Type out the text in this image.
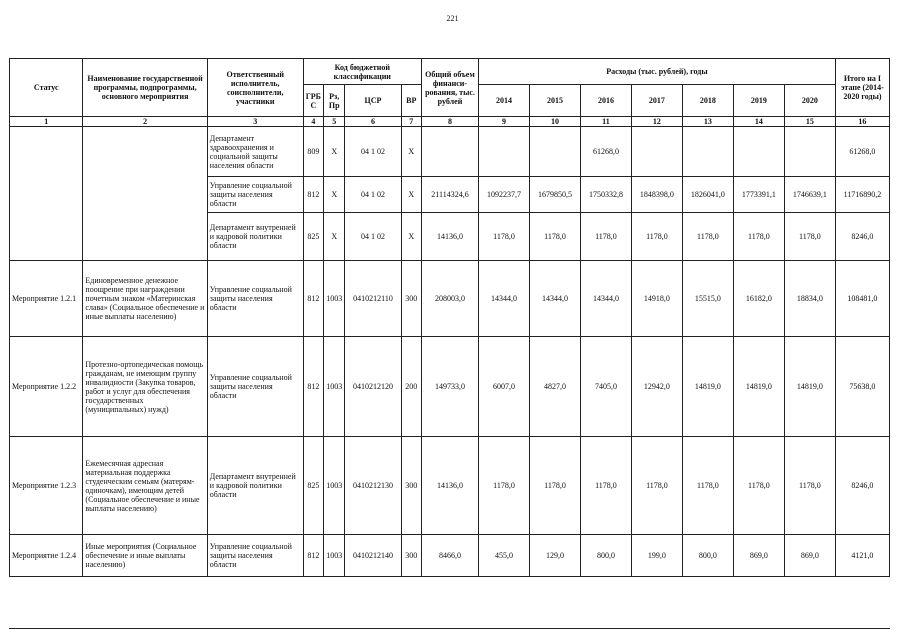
221
Статус	Наименование государственной программы, подпрограммы, основного мероприятия	Ответственный исполнитель, соисполнители, участники	Код бюджетной классификации				Общий объем финанси-рования, тыс. рублей	Расходы (тыс. рублей), годы							Итого на I этапе (2014-2020 годы)
			ГРБ С	Рз, Пр	ЦСР	ВР		2014	2015	2016	2017	2018	2019	2020	
1	2	3	4	5	6	7	8	9	10	11	12	13	14	15	16
		Департамент здравоохранения и социальной защиты населения области	809	X	04 1 02	X				61268,0					61268,0
		Управление социальной защиты населения области	812	X	04 1 02	X	21114324,6	1092237,7	1679850,5	1750332,8	1848398,0	1826041,0	1773391,1	1746639,1	11716890,2
		Департамент внутренней и кадровой политики области	825	X	04 1 02	X	14136,0	1178,0	1178,0	1178,0	1178,0	1178,0	1178,0	1178,0	8246,0
Мероприятие 1.2.1	Единовременное денежное поощрение при награждении почетным знаком «Материнская слава» (Социальное обеспечение и иные выплаты населению)	Управление социальной защиты населения области	812	1003	0410212110	300	208003,0	14344,0	14344,0	14344,0	14918,0	15515,0	16182,0	18834,0	108481,0
Мероприятие 1.2.2	Протезно-ортопедическая помощь гражданам, не имеющим группу инвалидности (Закупка товаров, работ и услуг для обеспечения государственных (муниципальных) нужд)	Управление социальной защиты населения области	812	1003	0410212120	200	149733,0	6007,0	4827,0	7405,0	12942,0	14819,0	14819,0	14819,0	75638,0
Мероприятие 1.2.3	Ежемесячная адресная материальная поддержка студенческим семьям (матерям-одиночкам), имеющим детей (Социальное обеспечение и иные выплаты населению)	Департамент внутренней и кадровой политики области	825	1003	0410212130	300	14136,0	1178,0	1178,0	1178,0	1178,0	1178,0	1178,0	1178,0	8246,0
Мероприятие 1.2.4	Иные мероприятия (Социальное обеспечение и иные выплаты населению)	Управление социальной защиты населения области	812	1003	0410212140	300	8466,0	455,0	129,0	800,0	199,0	800,0	869,0	869,0	4121,0
